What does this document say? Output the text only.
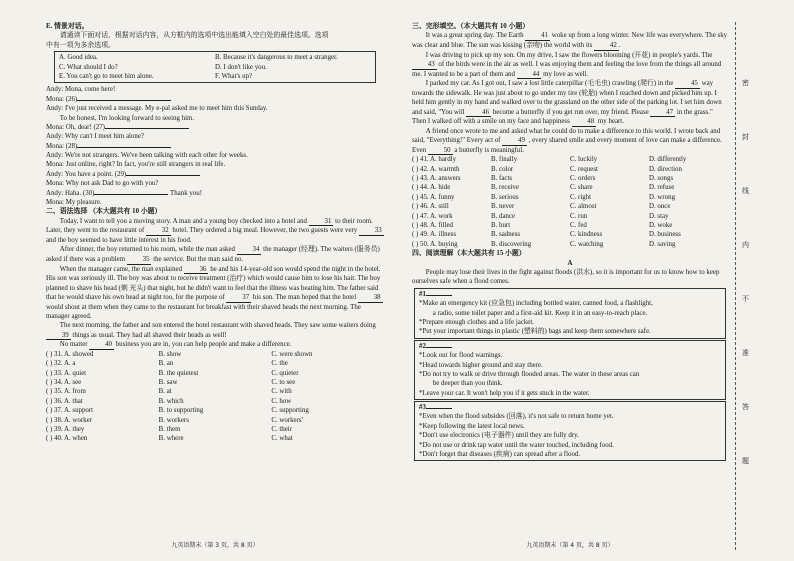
E. 情景对话。

请通读下面对话，根据对话内容，从方框内的选项中选出能填入空白处的最佳选项。选项

中有一项为多余选项。

A. Good idea.	B. Because it's dangerous to meet a stranger.
C. What should I do?	D. I don't like you.
E. You can't go to meet him alone.	F. What's up?

Andy: Mona, come here!

Mona: (26)

Andy: I've just received a message. My e-pal asked me to meet him this Sunday.

To be honest, I'm looking forward to seeing him.

Mona: Oh, dear! (27)

Andy: Why can't I meet him alone?

Mona: (28)

Andy: We're not strangers. We've been talking with each other for weeks.

Mona: Just online, right? In fact, you're still strangers in real life.

Andy: You have a point. (29)

Mona: Why not ask Dad to go with you?

Andy: Haha. (30)	Thank you!

Mona: My pleasure.

二、语法选择 （本大题共有 10 小题）

Today, I want to tell you a moving story. A man and a young boy checked into a hotel and	31 to their room. Later, they went to the restaurant of	32 hotel. They ordered a big meal. However, the two guests were very	33 and the boy seemed to have little interest in his food.

After dinner, the boy returned to his room, while the man asked	34 the manager (经理). The waiters (服务员) asked if there was a problem	35 the service. But the man said no.

When the manager came, the man explained	36 he and his 14-year-old son would spend the night in the hotel. His son was seriously ill. The boy was about to receive treatment (治疗) which would cause him to lose his hair. The boy planned to shave his head (剃 光头) that night, but he didn't want to feel that the illness was beating him. The father said that he would shave his own head at night too, for the purpose of	37 his son. The man hoped that the hotel	38 would shout at them when they came to the restaurant for breakfast with their shaved heads the next morning. The manager agreed.

The next morning, the father and son entered the hotel restaurant with shaved heads. They saw some waiters doing 39 things as usual. They had all shaved their heads as well!

No matter	40 business you are in, you can help people and make a difference.

( ) 31. A. showed	B. show	C. were shown
( ) 32. A. a	B. an	C. the
( ) 33. A. quiet	B. the quietest	C. quieter
( ) 34. A. see	B. saw	C. to see
( ) 35. A. from	B. at	C. with
( ) 36. A. that	B. which	C. how
( ) 37. A. support	B. to supporting	C. supporting
( ) 38. A. worker	B. workers	C. workers'
( ) 39. A. they	B. them	C. their
( ) 40. A. when	B. where	C. what
九英语期末（第 3 页，共 8 页）

三、完形填空。（本大题共有 10 小题）

It was a great spring day. The Earth	41 woke up from a long winter. New life was everywhere. The sky was clear and blue. The sun was kissing (亲吻) the world with its	42 .

I was driving to pick up my son. On my drive, I saw the flowers blooming (开花) in people's yards. The 43 of the birds were in the air as well. I was enjoying them and feeling the love from the things all around me. I wanted to be a part of them and	44 my love as well.

I parked my car. As I got out, I saw a lost little caterpillar (毛毛虫) crawling (爬行) in the	45 way towards the sidewalk. He was just about to go under my tire (轮胎) when I reached down and picked him up. I held him gently in my hand and walked over to the grassland on the other side of the parking lot. I set him down and said, "You will	46 become a butterfly if you get run over, my friend. Please	47 in the grass." Then I walked off with a smile on my face and happiness	48 my heart.

A friend once wrote to me and asked what he could do to make a difference to this world. I wrote back and said, "Everything!" Every act of	49 , every shared smile and every moment of love can make a difference. Even	50 a butterfly is meaningful.

( ) 41. A. hardly	B. finally	C. luckily	D. differently
( ) 42. A. warmth	B. color	C. request	D. direction
( ) 43. A. answers	B. facts	C. orders	D. songs
( ) 44. A. hide	B. receive	C. share	D. refuse
( ) 45. A. funny	B. serious	C. right	D. wrong
( ) 46. A. still	B. never	C. almost	D. once
( ) 47. A. work	B. dance	C. run	D. stay
( ) 48. A. filled	B. hurt	C. fed	D. woke
( ) 49. A. illness	B. sadness	C. kindness	D. business
( ) 50. A. buying	B. discovering	C. watching	D. saving

四、阅读理解（本大题共有 15 小题）

A

People may lose their lives in the fight against floods (洪水), so it is important for us to know how to keep ourselves safe when a flood comes.

#1

*Make an emergency kit (应急包) including bottled water, canned food, a flashlight,

a radio, some toilet paper and a first-aid kit. Keep it in an easy-to-reach place.

*Prepare enough clothes and a life jacket.

*Put your important things in plastic (塑料的) bags and keep them somewhere safe.

#2

*Look out for flood warnings.

*Head towards higher ground and stay there.

*Do not try to walk or drive through flooded areas. The water in these areas can

be deeper than you think.

*Leave your car. It won't help you if it gets stuck in the water.

#3

*Even when the flood subsides (回落), it's not safe to return home yet.

*Keep following the latest local news.

*Don't use electronics (电子器件) until they are fully dry.

*Do not use or drink tap water until the water touched, including food.

*Don't forget that diseases (疾病) can spread after a flood.

九英语期末（第 4 页，共 8 页）
密
封
线
内
不
准
答
题
